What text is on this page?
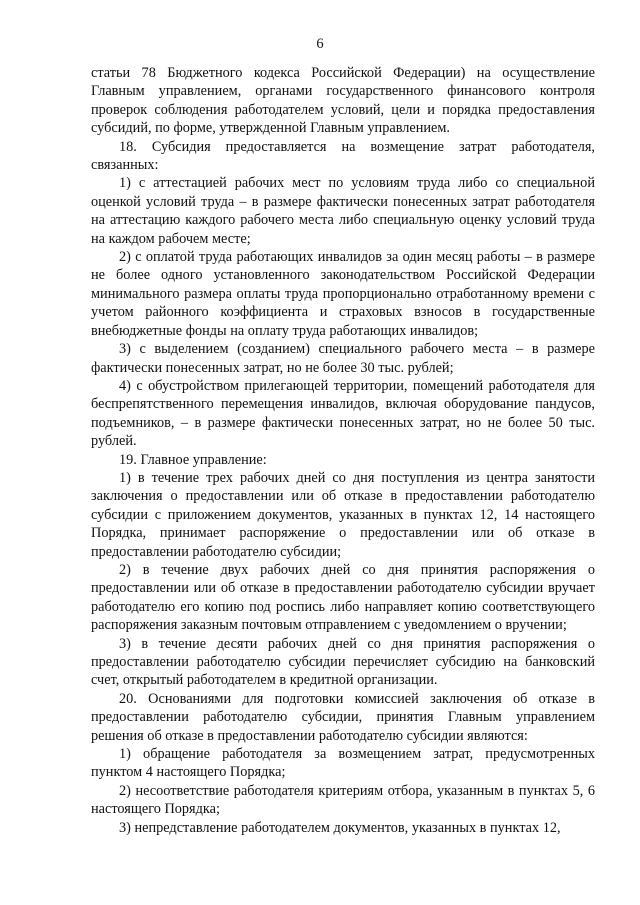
6

статьи 78 Бюджетного кодекса Российской Федерации) на осуществление Главным управлением, органами государственного финансового контроля проверок соблюдения работодателем условий, цели и порядка предоставления субсидий, по форме, утвержденной Главным управлением.

18. Субсидия предоставляется на возмещение затрат работодателя, связанных:

1) с аттестацией рабочих мест по условиям труда либо со специальной оценкой условий труда – в размере фактически понесенных затрат работодателя на аттестацию каждого рабочего места либо специальную оценку условий труда на каждом рабочем месте;

2) с оплатой труда работающих инвалидов за один месяц работы – в размере не более одного установленного законодательством Российской Федерации минимального размера оплаты труда пропорционально отработанному времени с учетом районного коэффициента и страховых взносов в государственные внебюджетные фонды на оплату труда работающих инвалидов;

3) с выделением (созданием) специального рабочего места – в размере фактически понесенных затрат, но не более 30 тыс. рублей;

4) с обустройством прилегающей территории, помещений работодателя для беспрепятственного перемещения инвалидов, включая оборудование пандусов, подъемников, – в размере фактически понесенных затрат, но не более 50 тыс. рублей.

19. Главное управление:

1) в течение трех рабочих дней со дня поступления из центра занятости заключения о предоставлении или об отказе в предоставлении работодателю субсидии с приложением документов, указанных в пунктах 12, 14 настоящего Порядка, принимает распоряжение о предоставлении или об отказе в предоставлении работодателю субсидии;

2) в течение двух рабочих дней со дня принятия распоряжения о предоставлении или об отказе в предоставлении работодателю субсидии вручает работодателю его копию под роспись либо направляет копию соответствующего распоряжения заказным почтовым отправлением с уведомлением о вручении;

3) в течение десяти рабочих дней со дня принятия распоряжения о предоставлении работодателю субсидии перечисляет субсидию на банковский счет, открытый работодателем в кредитной организации.

20. Основаниями для подготовки комиссией заключения об отказе в предоставлении работодателю субсидии, принятия Главным управлением решения об отказе в предоставлении работодателю субсидии являются:

1) обращение работодателя за возмещением затрат, предусмотренных пунктом 4 настоящего Порядка;

2) несоответствие работодателя критериям отбора, указанным в пунктах 5, 6 настоящего Порядка;

3) непредставление работодателем документов, указанных в пунктах 12,
